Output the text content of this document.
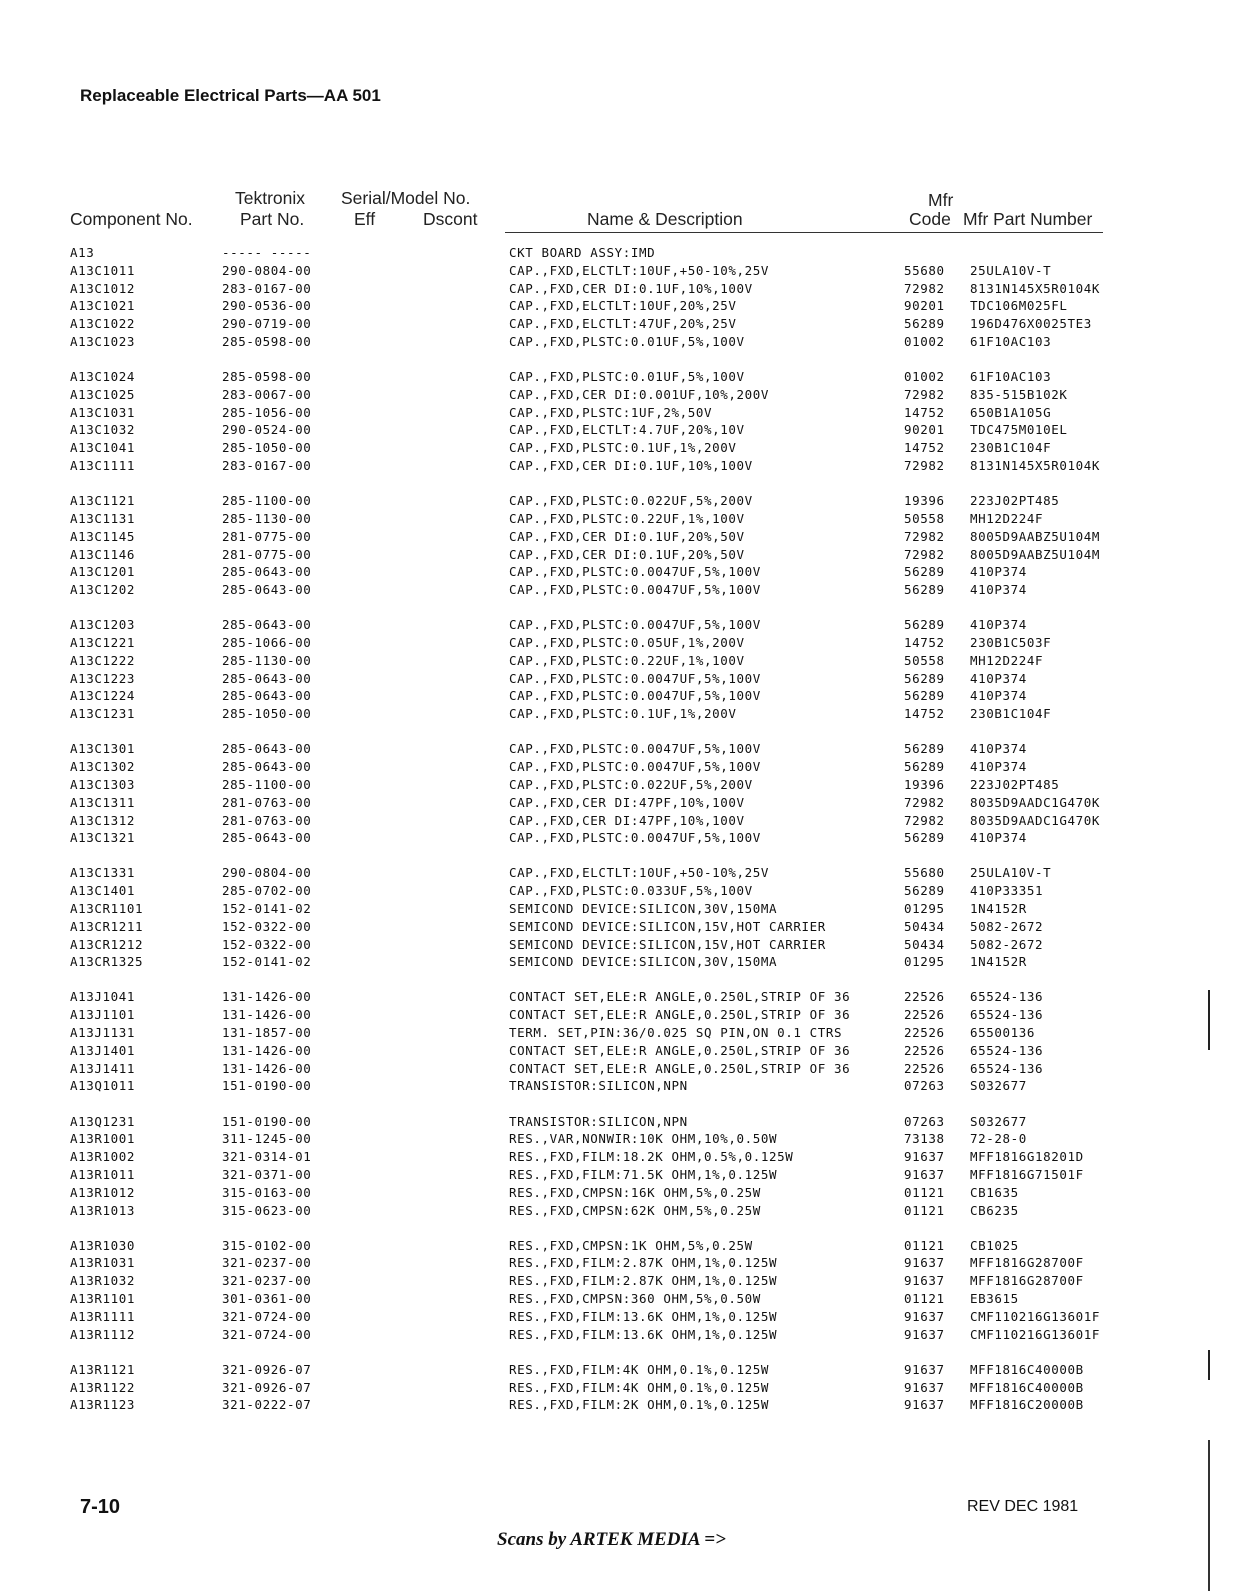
Replaceable Electrical Parts—AA 501
Tektronix Serial/Model No.	Mfr
Component No.	Part No.	Eff	Dscont	Name & Description	Code Mfr Part Number
A13	----- -----	CKT BOARD ASSY:IMD
A13C1011	290-0804-00	CAP.,FXD,ELCTLT:10UF,+50-10%,25V	55680 25ULA10V-T
A13C1012	283-0167-00	CAP.,FXD,CER DI:0.1UF,10%,100V	72982 8131N145X5R0104K
A13C1021	290-0536-00	CAP.,FXD,ELCTLT:10UF,20%,25V	90201 TDC106M025FL
A13C1022	290-0719-00	CAP.,FXD,ELCTLT:47UF,20%,25V	56289 196D476X0025TE3
A13C1023	285-0598-00	CAP.,FXD,PLSTC:0.01UF,5%,100V	01002 61F10AC103
A13C1024	285-0598-00	CAP.,FXD,PLSTC:0.01UF,5%,100V	01002 61F10AC103
A13C1025	283-0067-00	CAP.,FXD,CER DI:0.001UF,10%,200V	72982 835-515B102K
A13C1031	285-1056-00	CAP.,FXD,PLSTC:1UF,2%,50V	14752 650B1A105G
A13C1032	290-0524-00	CAP.,FXD,ELCTLT:4.7UF,20%,10V	90201 TDC475M010EL
A13C1041	285-1050-00	CAP.,FXD,PLSTC:0.1UF,1%,200V	14752 230B1C104F
A13C1111	283-0167-00	CAP.,FXD,CER DI:0.1UF,10%,100V	72982 8131N145X5R0104K
A13C1121	285-1100-00	CAP.,FXD,PLSTC:0.022UF,5%,200V	19396 223J02PT485
A13C1131	285-1130-00	CAP.,FXD,PLSTC:0.22UF,1%,100V	50558 MH12D224F
A13C1145	281-0775-00	CAP.,FXD,CER DI:0.1UF,20%,50V	72982 8005D9AABZ5U104M
A13C1146	281-0775-00	CAP.,FXD,CER DI:0.1UF,20%,50V	72982 8005D9AABZ5U104M
A13C1201	285-0643-00	CAP.,FXD,PLSTC:0.0047UF,5%,100V	56289 410P374
A13C1202	285-0643-00	CAP.,FXD,PLSTC:0.0047UF,5%,100V	56289 410P374
A13C1203	285-0643-00	CAP.,FXD,PLSTC:0.0047UF,5%,100V	56289 410P374
A13C1221	285-1066-00	CAP.,FXD,PLSTC:0.05UF,1%,200V	14752 230B1C503F
A13C1222	285-1130-00	CAP.,FXD,PLSTC:0.22UF,1%,100V	50558 MH12D224F
A13C1223	285-0643-00	CAP.,FXD,PLSTC:0.0047UF,5%,100V	56289 410P374
A13C1224	285-0643-00	CAP.,FXD,PLSTC:0.0047UF,5%,100V	56289 410P374
A13C1231	285-1050-00	CAP.,FXD,PLSTC:0.1UF,1%,200V	14752 230B1C104F
A13C1301	285-0643-00	CAP.,FXD,PLSTC:0.0047UF,5%,100V	56289 410P374
A13C1302	285-0643-00	CAP.,FXD,PLSTC:0.0047UF,5%,100V	56289 410P374
A13C1303	285-1100-00	CAP.,FXD,PLSTC:0.022UF,5%,200V	19396 223J02PT485
A13C1311	281-0763-00	CAP.,FXD,CER DI:47PF,10%,100V	72982 8035D9AADC1G470K
A13C1312	281-0763-00	CAP.,FXD,CER DI:47PF,10%,100V	72982 8035D9AADC1G470K
A13C1321	285-0643-00	CAP.,FXD,PLSTC:0.0047UF,5%,100V	56289 410P374
A13C1331	290-0804-00	CAP.,FXD,ELCTLT:10UF,+50-10%,25V	55680 25ULA10V-T
A13C1401	285-0702-00	CAP.,FXD,PLSTC:0.033UF,5%,100V	56289 410P33351
A13CR1101	152-0141-02	SEMICOND DEVICE:SILICON,30V,150MA	01295 1N4152R
A13CR1211	152-0322-00	SEMICOND DEVICE:SILICON,15V,HOT CARRIER	50434 5082-2672
A13CR1212	152-0322-00	SEMICOND DEVICE:SILICON,15V,HOT CARRIER	50434 5082-2672
A13CR1325	152-0141-02	SEMICOND DEVICE:SILICON,30V,150MA	01295 1N4152R
A13J1041	131-1426-00	CONTACT SET,ELE:R ANGLE,0.250L,STRIP OF 36	22526 65524-136
A13J1101	131-1426-00	CONTACT SET,ELE:R ANGLE,0.250L,STRIP OF 36	22526 65524-136
A13J1131	131-1857-00	TERM. SET,PIN:36/0.025 SQ PIN,ON 0.1 CTRS	22526 65500136
A13J1401	131-1426-00	CONTACT SET,ELE:R ANGLE,0.250L,STRIP OF 36	22526 65524-136
A13J1411	131-1426-00	CONTACT SET,ELE:R ANGLE,0.250L,STRIP OF 36	22526 65524-136
A13Q1011	151-0190-00	TRANSISTOR:SILICON,NPN	07263 S032677
A13Q1231	151-0190-00	TRANSISTOR:SILICON,NPN	07263 S032677
A13R1001	311-1245-00	RES.,VAR,NONWIR:10K OHM,10%,0.50W	73138 72-28-0
A13R1002	321-0314-01	RES.,FXD,FILM:18.2K OHM,0.5%,0.125W	91637 MFF1816G18201D
A13R1011	321-0371-00	RES.,FXD,FILM:71.5K OHM,1%,0.125W	91637 MFF1816G71501F
A13R1012	315-0163-00	RES.,FXD,CMPSN:16K OHM,5%,0.25W	01121 CB1635
A13R1013	315-0623-00	RES.,FXD,CMPSN:62K OHM,5%,0.25W	01121 CB6235
A13R1030	315-0102-00	RES.,FXD,CMPSN:1K OHM,5%,0.25W	01121 CB1025
A13R1031	321-0237-00	RES.,FXD,FILM:2.87K OHM,1%,0.125W	91637 MFF1816G28700F
A13R1032	321-0237-00	RES.,FXD,FILM:2.87K OHM,1%,0.125W	91637 MFF1816G28700F
A13R1101	301-0361-00	RES.,FXD,CMPSN:360 OHM,5%,0.50W	01121 EB3615
A13R1111	321-0724-00	RES.,FXD,FILM:13.6K OHM,1%,0.125W	91637 CMF110216G13601F
A13R1112	321-0724-00	RES.,FXD,FILM:13.6K OHM,1%,0.125W	91637 CMF110216G13601F
A13R1121	321-0926-07	RES.,FXD,FILM:4K OHM,0.1%,0.125W	91637 MFF1816C40000B
A13R1122	321-0926-07	RES.,FXD,FILM:4K OHM,0.1%,0.125W	91637 MFF1816C40000B
A13R1123	321-0222-07	RES.,FXD,FILM:2K OHM,0.1%,0.125W	91637 MFF1816C20000B
7-10	REV DEC 1981
Scans by ARTEK MEDIA =>
